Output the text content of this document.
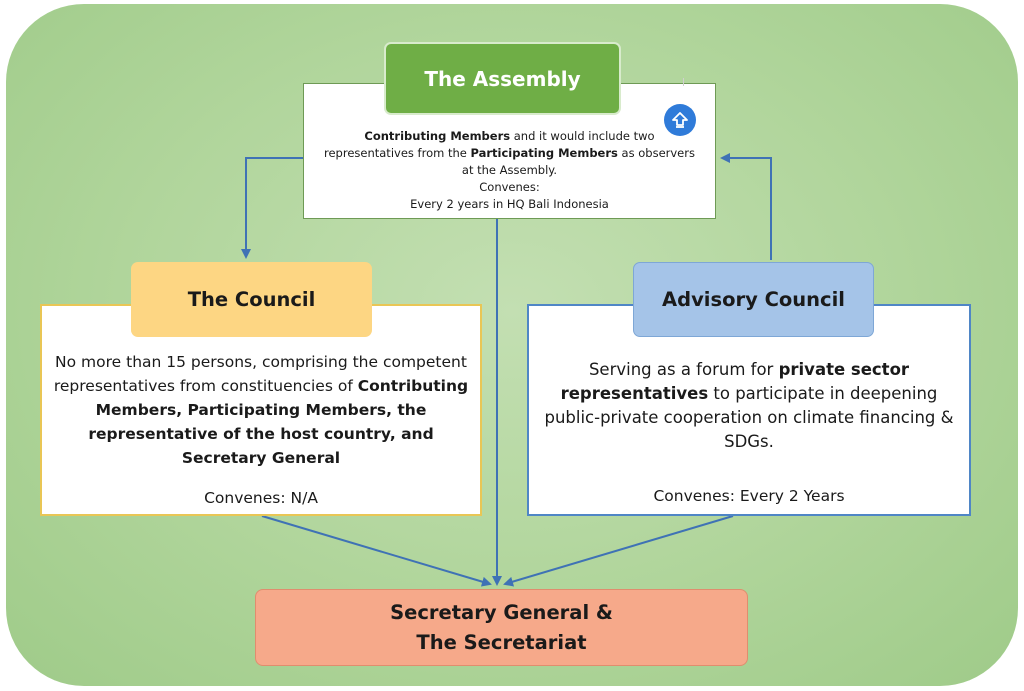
Contributing Members and it would include two representatives from the Participating Members as observers at the Assembly.
Convenes:
Every 2 years in HQ Bali Indonesia
The Assembly
No more than 15 persons, comprising the competent representatives from constituencies of Contributing Members, Participating Members, the representative of the host country, and Secretary General
Convenes: N/A
The Council
Serving as a forum for private sector representatives to participate in deepening public-private cooperation on climate financing & SDGs.
Convenes: Every 2 Years
Advisory Council
Secretary General &
The Secretariat
